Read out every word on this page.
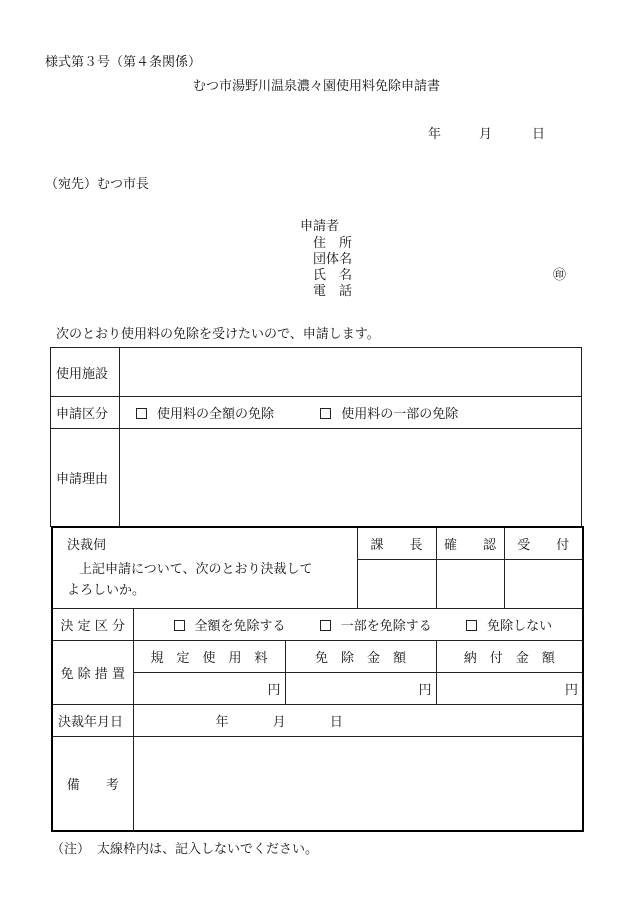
様式第３号（第４条関係）
むつ市湯野川温泉濃々園使用料免除申請書
年	月	日
（宛先）むつ市長
申請者
住　所
団体名
氏　名	㊞
電　話
次のとおり使用料の免除を受けたいので、申請します。
使用施設	
申請区分	使用料の全額の免除 使用料の一部の免除
申請理由	
決裁伺			課　　長	確　　認	受　　付

上記申請について、次のとおり決裁して
よろしいか。					

決 定 区 分	全額を免除する 一部を免除する 免除しない				
免 除 措 置	規　定　使　用　料	免　除　金　額		納　付　金　額	
	円	円		円	
決裁年月日	年 月 日				
備　　考					
（注） 太線枠内は、記入しないでください。
